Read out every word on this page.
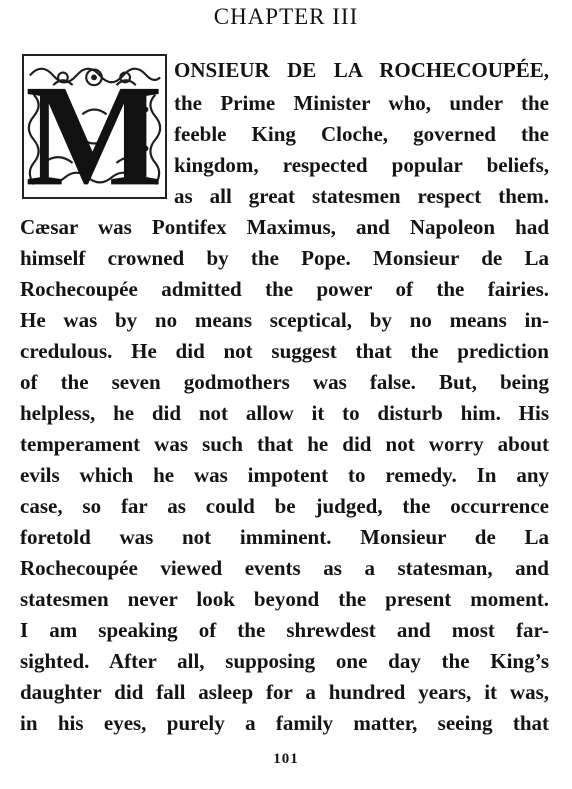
CHAPTER III
M ONSIEUR DE LA ROCHECOUPÉE,
the Prime Minister who, under the
feeble King Cloche, governed the
kingdom, respected popular beliefs,
as all great statesmen respect them.
Cæsar was Pontifex Maximus, and Napoleon had
himself crowned by the Pope. Monsieur de La
Rochecoupée admitted the power of the fairies.
He was by no means sceptical, by no means in-
credulous. He did not suggest that the prediction
of the seven godmothers was false. But, being
helpless, he did not allow it to disturb him. His
temperament was such that he did not worry about
evils which he was impotent to remedy. In any
case, so far as could be judged, the occurrence
foretold was not imminent. Monsieur de La
Rochecoupée viewed events as a statesman, and
statesmen never look beyond the present moment.
I am speaking of the shrewdest and most far-
sighted. After all, supposing one day the King’s
daughter did fall asleep for a hundred years, it was,
in his eyes, purely a family matter, seeing that
101
